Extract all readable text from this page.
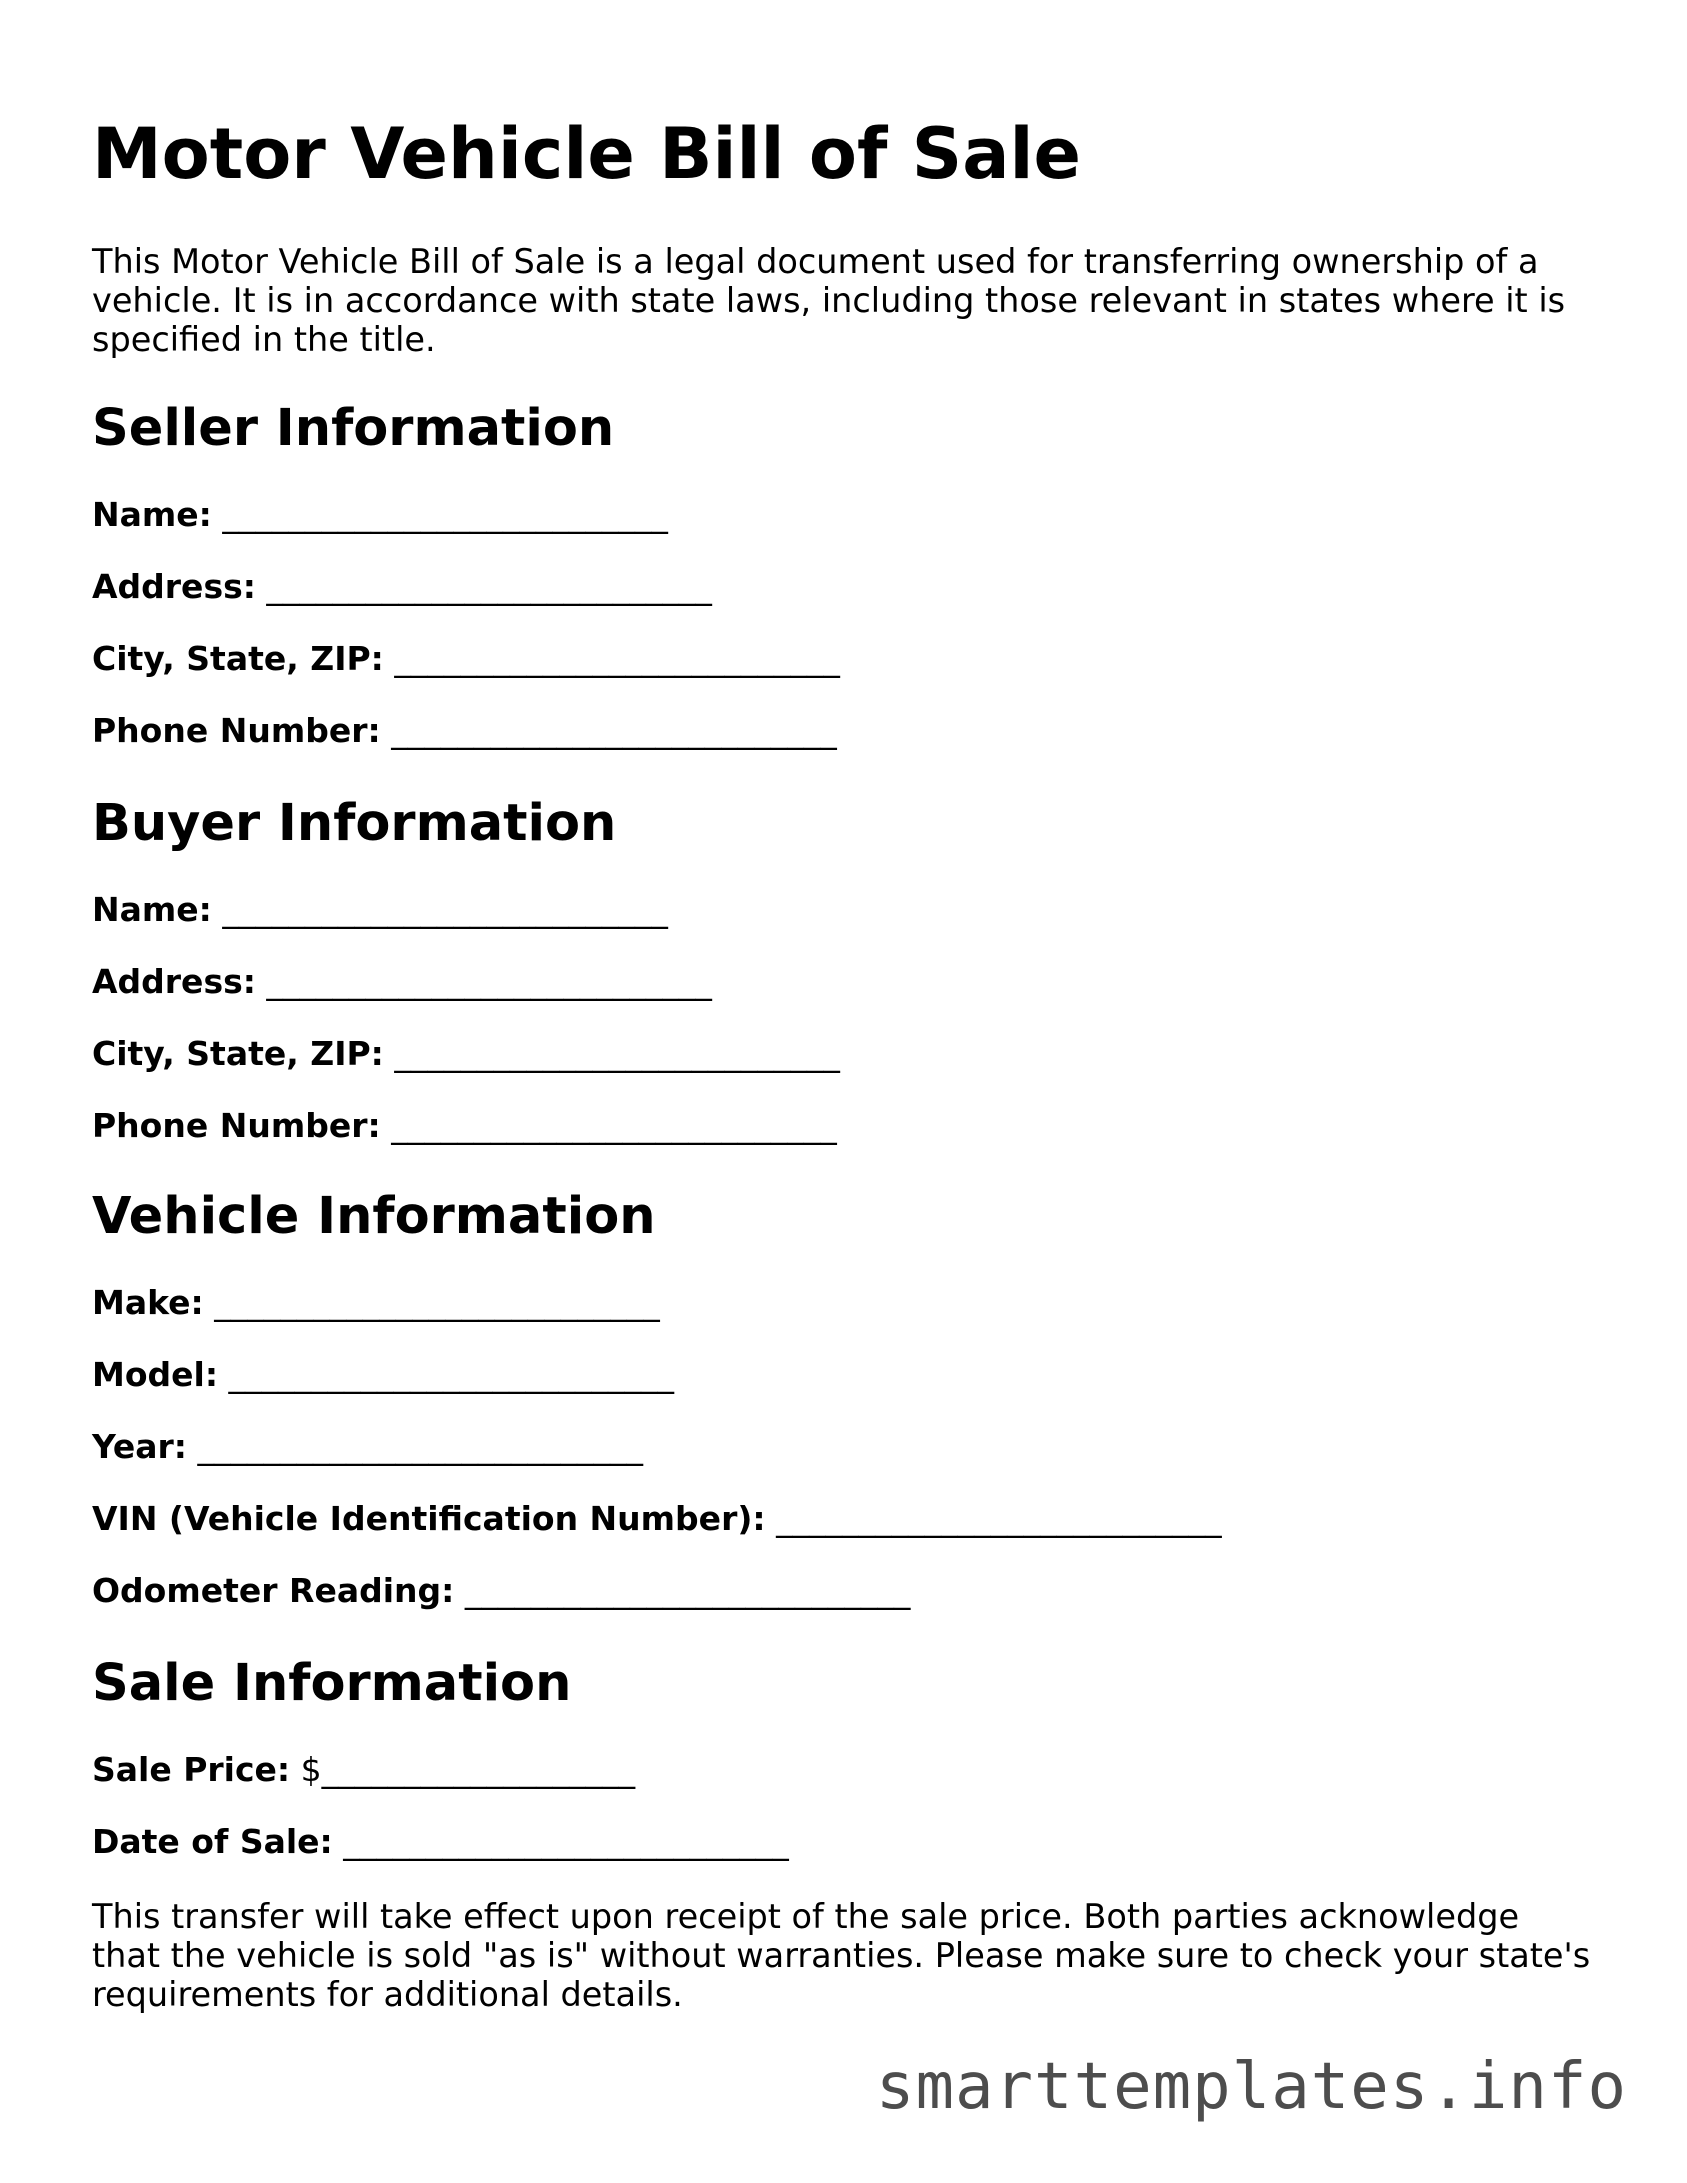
Motor Vehicle Bill of Sale

This Motor Vehicle Bill of Sale is a legal document used for transferring ownership of a vehicle. It is in accordance with state laws, including those relevant in states where it is specified in the title.

Seller Information
Name: ___________________________
Address: ___________________________
City, State, ZIP: ___________________________
Phone Number: ___________________________
Buyer Information
Name: ___________________________
Address: ___________________________
City, State, ZIP: ___________________________
Phone Number: ___________________________
Vehicle Information
Make: ___________________________
Model: ___________________________
Year: ___________________________
VIN (Vehicle Identification Number): ___________________________
Odometer Reading: ___________________________
Sale Information
Sale Price: $___________________
Date of Sale: ___________________________

This transfer will take effect upon receipt of the sale price. Both parties acknowledge that the vehicle is sold "as is" without warranties. Please make sure to check your state's requirements for additional details.

smarttemplates.info
